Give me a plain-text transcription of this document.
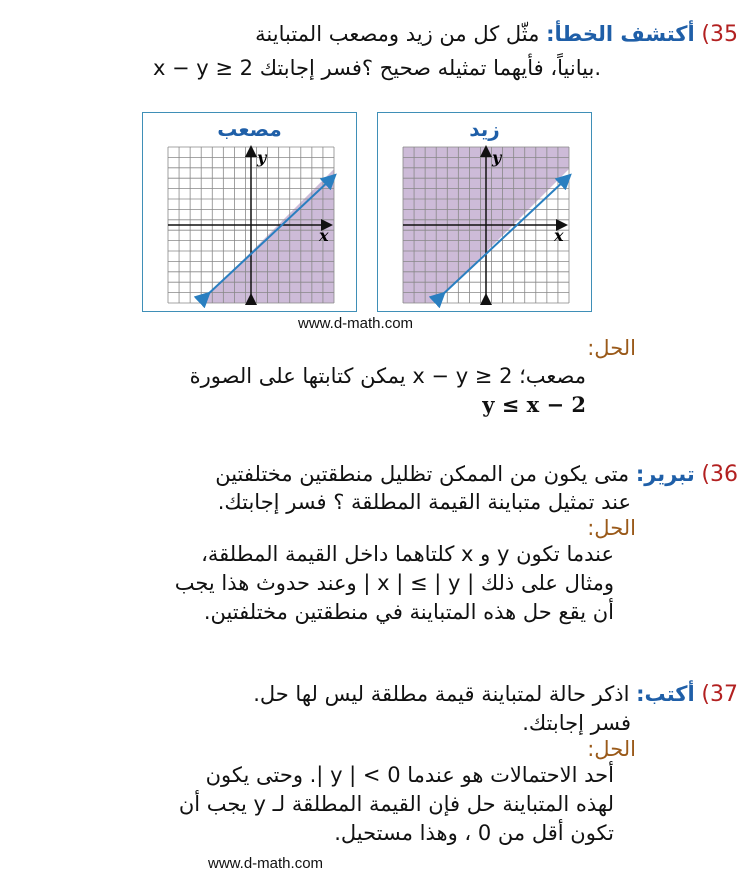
35) أكتشف الخطأ: مثّل كل من زيد ومصعب المتباينة
x − y ≥ 2 بيانياً، فأيهما تمثيله صحيح ؟فسر إجابتك.
مصعب
x
y
زيد
x
y
www.d-math.com
الحل:
مصعب؛ x − y ≥ 2 يمكن كتابتها على الصورة
y ≤ x − 2
36) تبرير: متى يكون من الممكن تظليل منطقتين مختلفتين
عند تمثيل متباينة القيمة المطلقة ؟ فسر إجابتك.
الحل:
عندما تكون y و x كلتاهما داخل القيمة المطلقة،
ومثال على ذلك | x | ≤ | y | وعند حدوث هذا يجب
أن يقع حل هذه المتباينة في منطقتين مختلفتين.
37) أكتب: اذكر حالة لمتباينة قيمة مطلقة ليس لها حل.
فسر إجابتك.
الحل:
أحد الاحتمالات هو عندما 0 > | y |. وحتى يكون
لهذه المتباينة حل فإن القيمة المطلقة لـ y يجب أن
تكون أقل من 0 ، وهذا مستحيل.
www.d-math.com
